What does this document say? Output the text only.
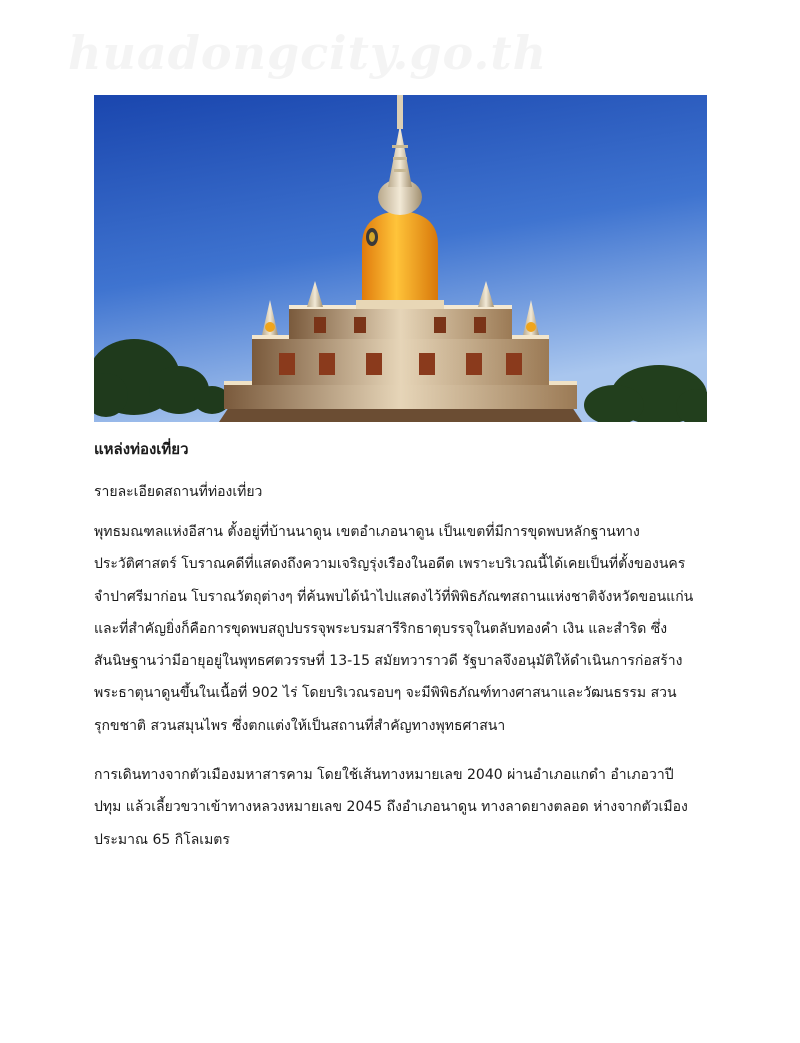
huadongcity.go.th
แหล่งท่องเที่ยว
รายละเอียดสถานที่ท่องเที่ยว
พุทธมณฑลแห่งอีสาน ตั้งอยู่ที่บ้านนาดูน เขตอำเภอนาดูน เป็นเขตที่มีการขุดพบหลักฐานทาง
ประวัติศาสตร์ โบราณคดีที่แสดงถึงความเจริญรุ่งเรืองในอดีต เพราะบริเวณนี้ได้เคยเป็นที่ตั้งของนคร
จำปาศรีมาก่อน โบราณวัตถุต่างๆ ที่ค้นพบได้นำไปแสดงไว้ที่พิพิธภัณฑสถานแห่งชาติจังหวัดขอนแก่น
และที่สำคัญยิ่งก็คือการขุดพบสถูปบรรจุพระบรมสารีริกธาตุบรรจุในตลับทองคำ เงิน และสำริด ซึ่ง
สันนิษฐานว่ามีอายุอยู่ในพุทธศตวรรษที่ 13-15 สมัยทวาราวดี รัฐบาลจึงอนุมัติให้ดำเนินการก่อสร้าง
พระธาตุนาดูนขึ้นในเนื้อที่ 902 ไร่ โดยบริเวณรอบๆ จะมีพิพิธภัณฑ์ทางศาสนาและวัฒนธรรม สวน
รุกขชาติ สวนสมุนไพร ซึ่งตกแต่งให้เป็นสถานที่สำคัญทางพุทธศาสนา
การเดินทางจากตัวเมืองมหาสารคาม โดยใช้เส้นทางหมายเลข 2040 ผ่านอำเภอแกดำ อำเภอวาปี
ปทุม แล้วเลี้ยวขวาเข้าทางหลวงหมายเลข 2045 ถึงอำเภอนาดูน ทางลาดยางตลอด ห่างจากตัวเมือง
ประมาณ 65 กิโลเมตร
